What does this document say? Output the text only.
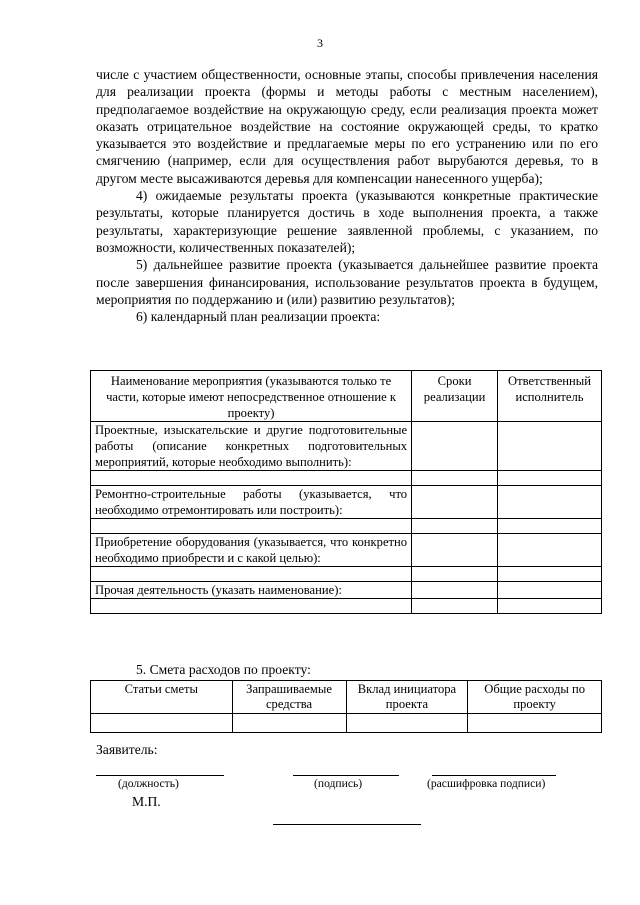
3

числе с участием общественности, основные этапы, способы привлечения населения для реализации проекта (формы и методы работы с местным населением), предполагаемое воздействие на окружающую среду, если реализация проекта может оказать отрицательное воздействие на состояние окружающей среды, то кратко указывается это воздействие и предлагаемые меры по его устранению или по его смягчению (например, если для осуществления работ вырубаются деревья, то в другом месте высаживаются деревья для компенсации нанесенного ущерба);

4) ожидаемые результаты проекта (указываются конкретные практические результаты, которые планируется достичь в ходе выполнения проекта, а также результаты, характеризующие решение заявленной проблемы, с указанием, по возможности, количественных показателей);

5) дальнейшее развитие проекта (указывается дальнейшее развитие проекта после завершения финансирования, использование результатов проекта в будущем, мероприятия по поддержанию и (или) развитию результатов);

6) календарный план реализации проекта:

Наименование мероприятия (указываются только те части, которые имеют непосредственное отношение к проекту)	Сроки реализации	Ответственный исполнитель
Проектные, изыскательские и другие подготовительные работы (описание конкретных подготовительных мероприятий, которые необходимо выполнить):		

Ремонтно-строительные работы (указывается, что необходимо отремонтировать или построить):		

Приобретение оборудования (указывается, что конкретно необходимо приобрести и с какой целью):		

Прочая деятельность (указать наименование):		

5. Смета расходов по проекту:
Статьи сметы	Запрашиваемые средства	Вклад инициатора проекта	Общие расходы по проекту

Заявитель:
(должность)	(подпись)	(расшифровка подписи)
М.П.
